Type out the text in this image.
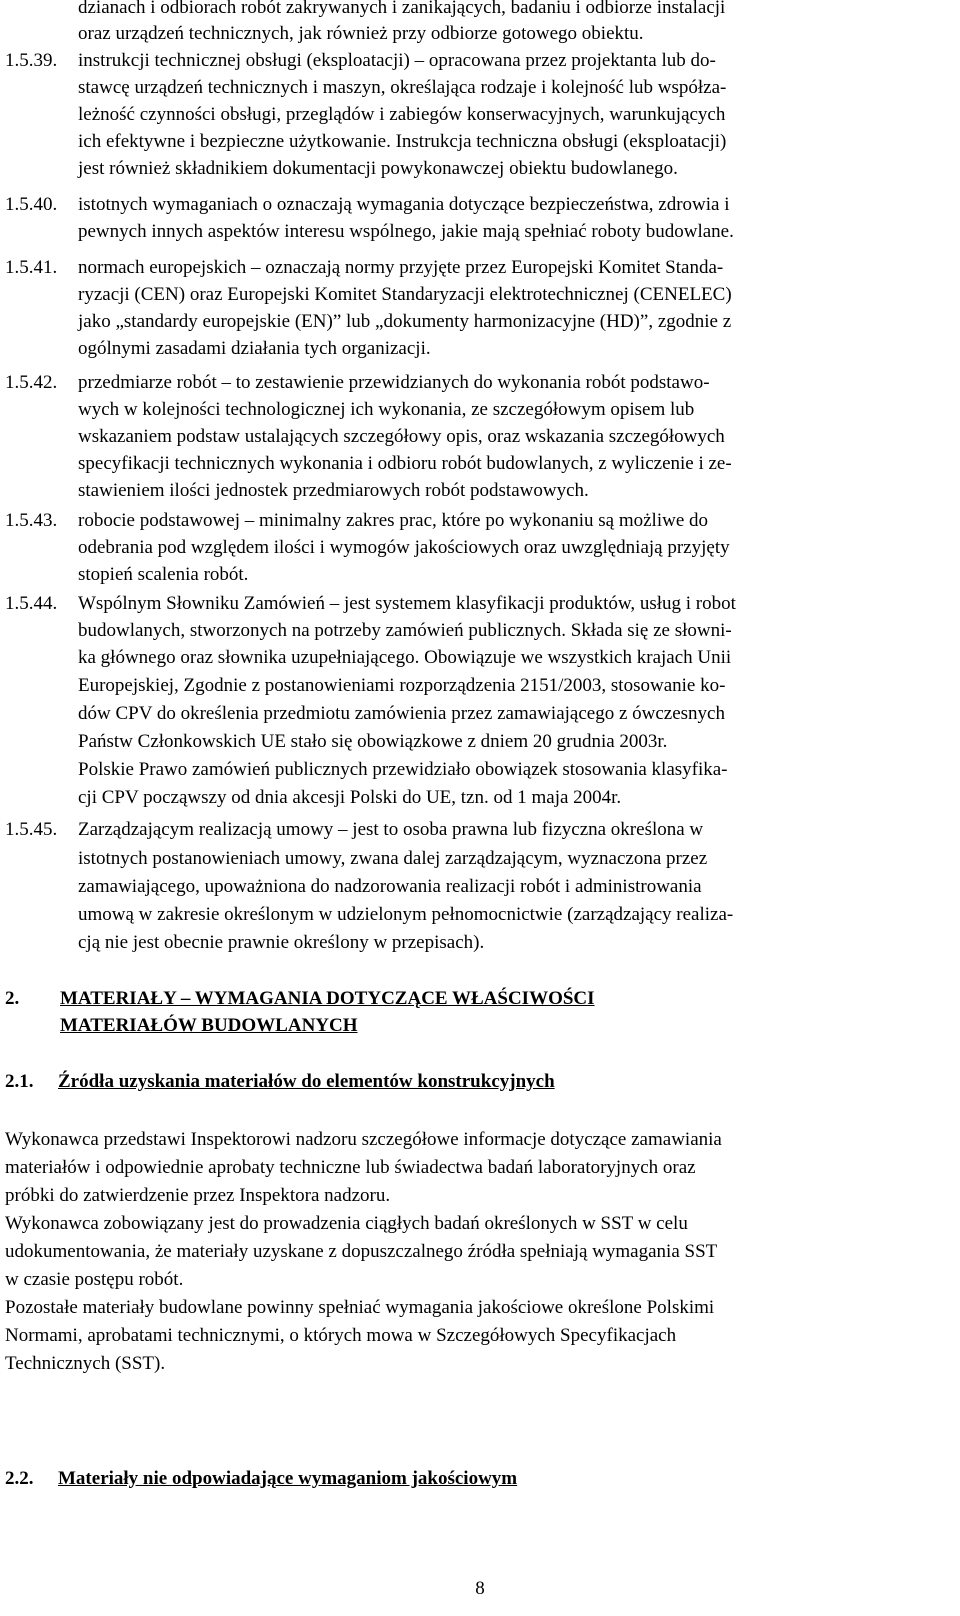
dzianach i odbiorach robót zakrywanych i zanikających, badaniu i odbiorze instalacji
oraz urządzeń technicznych, jak również przy odbiorze gotowego obiektu.
1.5.39. instrukcji technicznej obsługi (eksploatacji) – opracowana przez projektanta lub do-
stawcę urządzeń technicznych i maszyn, określająca rodzaje i kolejność lub współza-
leżność czynności obsługi, przeglądów i zabiegów konserwacyjnych, warunkujących
ich efektywne i bezpieczne użytkowanie. Instrukcja techniczna obsługi (eksploatacji)
jest również składnikiem dokumentacji powykonawczej obiektu budowlanego.
1.5.40. istotnych wymaganiach o oznaczają wymagania dotyczące bezpieczeństwa, zdrowia i
pewnych innych aspektów interesu wspólnego, jakie mają spełniać roboty budowlane.
1.5.41. normach europejskich – oznaczają normy przyjęte przez Europejski Komitet Standa-
ryzacji (CEN) oraz Europejski Komitet Standaryzacji elektrotechnicznej (CENELEC)
jako „standardy europejskie (EN)” lub „dokumenty harmonizacyjne (HD)”, zgodnie z
ogólnymi zasadami działania tych organizacji.
1.5.42. przedmiarze robót – to zestawienie przewidzianych do wykonania robót podstawo-
wych w kolejności technologicznej ich wykonania, ze szczegółowym opisem lub
wskazaniem podstaw ustalających szczegółowy opis, oraz wskazania szczegółowych
specyfikacji technicznych wykonania i odbioru robót budowlanych, z wyliczenie i ze-
stawieniem ilości jednostek przedmiarowych robót podstawowych.
1.5.43. robocie podstawowej – minimalny zakres prac, które po wykonaniu są możliwe do
odebrania pod względem ilości i wymogów jakościowych oraz uwzględniają przyjęty
stopień scalenia robót.
1.5.44. Wspólnym Słowniku Zamówień – jest systemem klasyfikacji produktów, usług i robot
budowlanych, stworzonych na potrzeby zamówień publicznych. Składa się ze słowni-
ka głównego oraz słownika uzupełniającego. Obowiązuje we wszystkich krajach Unii
Europejskiej, Zgodnie z postanowieniami rozporządzenia 2151/2003, stosowanie ko-
dów CPV do określenia przedmiotu zamówienia przez zamawiającego z ówczesnych
Państw Członkowskich UE stało się obowiązkowe z dniem 20 grudnia 2003r.
Polskie Prawo zamówień publicznych przewidziało obowiązek stosowania klasyfika-
cji CPV począwszy od dnia akcesji Polski do UE, tzn. od 1 maja 2004r.
1.5.45. Zarządzającym realizacją umowy – jest to osoba prawna lub fizyczna określona w
istotnych postanowieniach umowy, zwana dalej zarządzającym, wyznaczona przez
zamawiającego, upoważniona do nadzorowania realizacji robót i administrowania
umową w zakresie określonym w udzielonym pełnomocnictwie (zarządzający realiza-
cją nie jest obecnie prawnie określony w przepisach).
2. MATERIAŁY – WYMAGANIA DOTYCZĄCE WŁAŚCIWOŚCI
MATERIAŁÓW BUDOWLANYCH
2.1. Źródła uzyskania materiałów do elementów konstrukcyjnych
Wykonawca przedstawi Inspektorowi nadzoru szczegółowe informacje dotyczące zamawiania
materiałów i odpowiednie aprobaty techniczne lub świadectwa badań laboratoryjnych oraz
próbki do zatwierdzenie przez Inspektora nadzoru.
Wykonawca zobowiązany jest do prowadzenia ciągłych badań określonych w SST w celu
udokumentowania, że materiały uzyskane z dopuszczalnego źródła spełniają wymagania SST
w czasie postępu robót.
Pozostałe materiały budowlane powinny spełniać wymagania jakościowe określone Polskimi
Normami, aprobatami technicznymi, o których mowa w Szczegółowych Specyfikacjach
Technicznych (SST).
2.2. Materiały nie odpowiadające wymaganiom jakościowym
8
